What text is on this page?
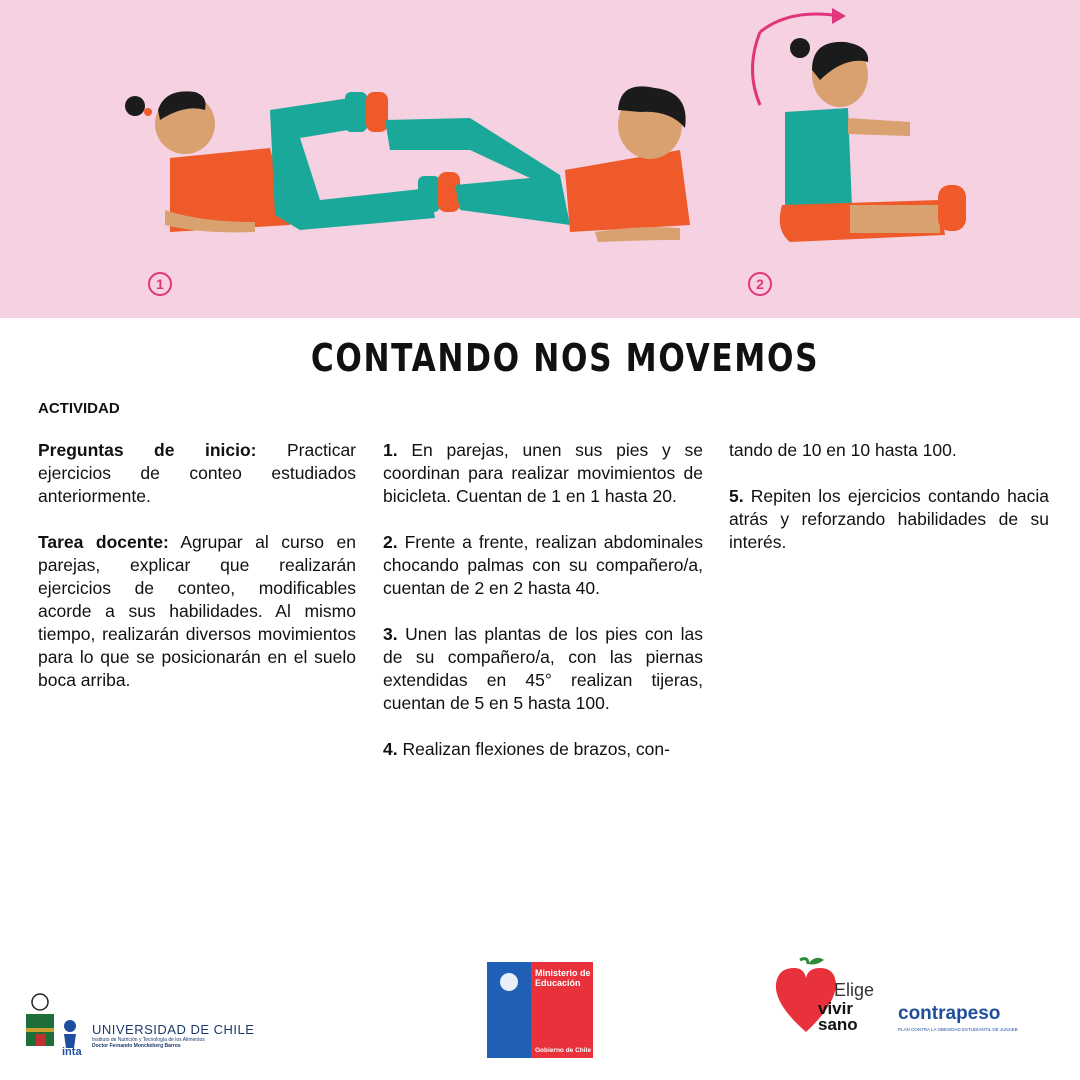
1	2
CONTANDO NOS MOVEMOS
ACTIVIDAD

Preguntas de inicio: Practicar ejercicios de conteo estudiados anteriormente.

Tarea docente: Agrupar al curso en parejas, explicar que realizarán ejercicios de conteo, modificables acorde a sus habilidades. Al mismo tiempo, realizarán diversos movimientos para lo que se posicionarán en el suelo boca arriba.

1. En parejas, unen sus pies y se coordinan para realizar movimientos de bicicleta. Cuentan de 1 en 1 hasta 20.

2. Frente a frente, realizan abdominales chocando palmas con su compañero/a, cuentan de 2 en 2 hasta 40.

3. Unen las plantas de los pies con las de su compañero/a, con las piernas extendidas en 45° realizan tijeras, cuentan de 5 en 5 hasta 100.

4. Realizan flexiones de brazos, con-

tando de 10 en 10 hasta 100.

5. Repiten los ejercicios contando hacia atrás y reforzando habilidades de su interés.

UNIVERSIDAD DE CHILE
Instituto de Nutrición y Tecnología de los Alimentos
Doctor Fernando Monckeberg Barros
inta
Ministerio de
Educación
Gobierno de Chile
Elige
vivir
sano
contrapeso
PLAN CONTRA LA OBESIDAD ESTUDIANTIL DE JUNAEB
